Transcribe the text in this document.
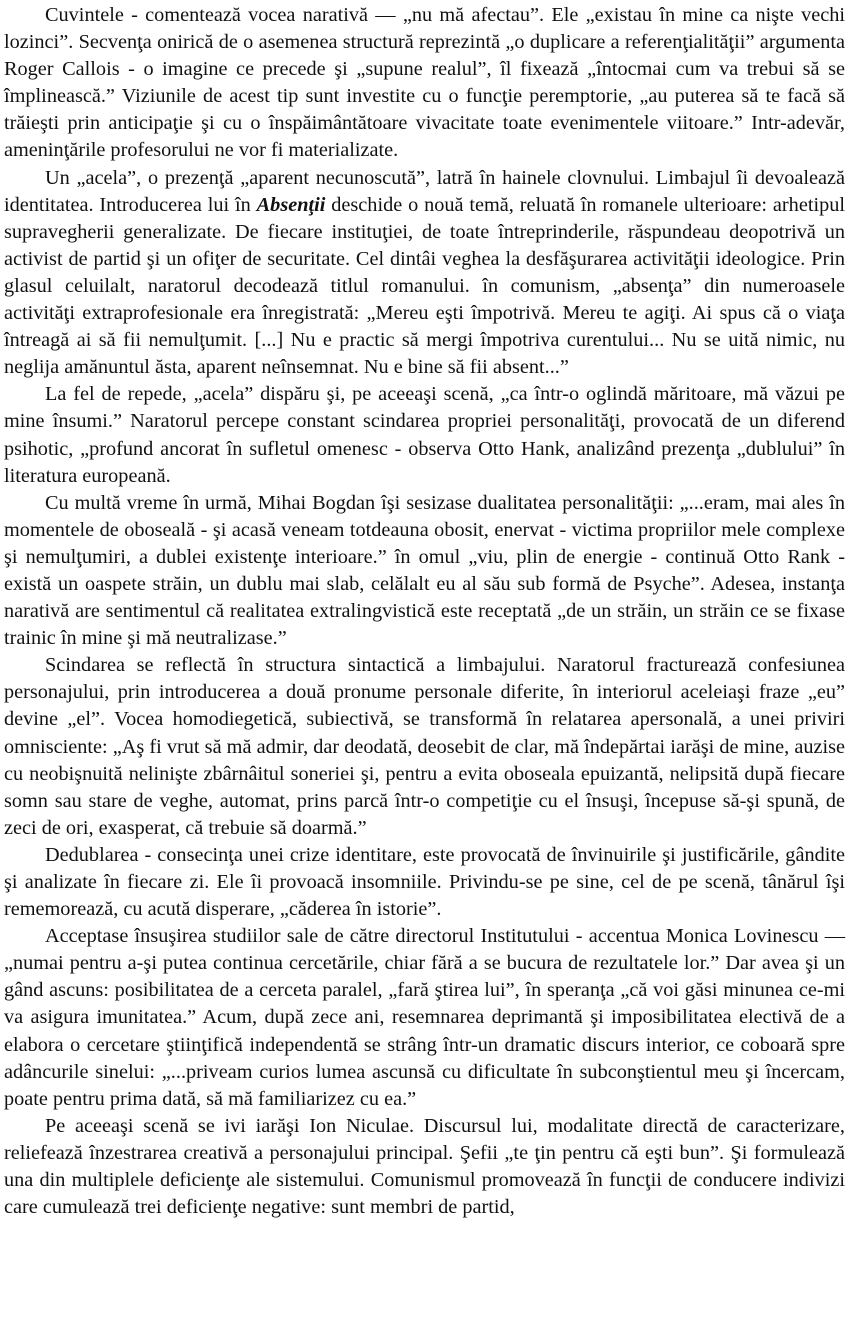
Cuvintele - comentează vocea narativă — „nu mă afectau”. Ele „existau în mine ca nişte vechi lozinci”. Secvenţa onirică de o asemenea structură reprezintă „o duplicare a referenţialităţii” argumenta Roger Callois - o imagine ce precede şi „supune realul”, îl fixează „întocmai cum va trebui să se împlinească.” Viziunile de acest tip sunt investite cu o funcţie peremptorie, „au puterea să te facă să trăieşti prin anticipaţie şi cu o înspăimântătoare vivacitate toate evenimentele viitoare.” Intr-adevăr, ameninţările profesorului ne vor fi materializate.

Un „acela”, o prezenţă „aparent necunoscută”, latră în hainele clovnului. Limbajul îi devoalează identitatea. Introducerea lui în Absenţii deschide o nouă temă, reluată în romanele ulterioare: arhetipul supravegherii generalizate. De fiecare instituţiei, de toate întreprinderile, răspundeau deopotrivă un activist de partid şi un ofiţer de securitate. Cel dintâi veghea la desfăşurarea activităţii ideologice. Prin glasul celuilalt, naratorul decodează titlul romanului. în comunism, „absenţa” din numeroasele activităţi extraprofesionale era înregistrată: „Mereu eşti împotrivă. Mereu te agiţi. Ai spus că o viaţa întreagă ai să fii nemulţumit. [...] Nu e practic să mergi împotriva curentului... Nu se uită nimic, nu neglija amănuntul ăsta, aparent neînsemnat. Nu e bine să fii absent...”

La fel de repede, „acela” dispăru şi, pe aceeaşi scenă, „ca într-o oglindă măritoare, mă văzui pe mine însumi.” Naratorul percepe constant scindarea propriei personalităţi, provocată de un diferend psihotic, „profund ancorat în sufletul omenesc - observa Otto Hank, analizând prezenţa „dublului” în literatura europeană.

Cu multă vreme în urmă, Mihai Bogdan îşi sesizase dualitatea personalităţii: „...eram, mai ales în momentele de oboseală - şi acasă veneam totdeauna obosit, enervat - victima propriilor mele complexe şi nemulţumiri, a dublei existenţe interioare.” în omul „viu, plin de energie - continuă Otto Rank - există un oaspete străin, un dublu mai slab, celălalt eu al său sub formă de Psyche”. Adesea, instanţa narativă are sentimentul că realitatea extralingvistică este receptată „de un străin, un străin ce se fixase trainic în mine şi mă neutralizase.”

Scindarea se reflectă în structura sintactică a limbajului. Naratorul fracturează confesiunea personajului, prin introducerea a două pronume personale diferite, în interiorul aceleiaşi fraze „eu” devine „el”. Vocea homodiegetică, subiectivă, se transformă în relatarea apersonală, a unei priviri omnisciente: „Aş fi vrut să mă admir, dar deodată, deosebit de clar, mă îndepărtai iarăşi de mine, auzise cu neobişnuită nelinişte zbârnâitul soneriei şi, pentru a evita oboseala epuizantă, nelipsită după fiecare somn sau stare de veghe, automat, prins parcă într-o competiţie cu el însuşi, începuse să-şi spună, de zeci de ori, exasperat, că trebuie să doarmă.”

Dedublarea - consecinţa unei crize identitare, este provocată de învinuirile şi justificările, gândite şi analizate în fiecare zi. Ele îi provoacă insomniile. Privindu-se pe sine, cel de pe scenă, tânărul îşi rememorează, cu acută disperare, „căderea în istorie”.

Acceptase însuşirea studiilor sale de către directorul Institutului - accentua Monica Lovinescu — „numai pentru a-şi putea continua cercetările, chiar fără a se bucura de rezultatele lor.” Dar avea şi un gând ascuns: posibilitatea de a cerceta paralel, „fară ştirea lui”, în speranţa „că voi găsi minunea ce-mi va asigura imunitatea.” Acum, după zece ani, resemnarea deprimantă şi imposibilitatea electivă de a elabora o cercetare ştiinţifică independentă se strâng într-un dramatic discurs interior, ce coboară spre adâncurile sinelui: „...priveam curios lumea ascunsă cu dificultate în subconştientul meu şi încercam, poate pentru prima dată, să mă familiarizez cu ea.”

Pe aceeaşi scenă se ivi iarăşi Ion Niculae. Discursul lui, modalitate directă de caracterizare, reliefează înzestrarea creativă a personajului principal. Şefii „te ţin pentru că eşti bun”. Şi formulează una din multiplele deficienţe ale sistemului. Comunismul promovează în funcţii de conducere indivizi care cumulează trei deficienţe negative: sunt membri de partid,
